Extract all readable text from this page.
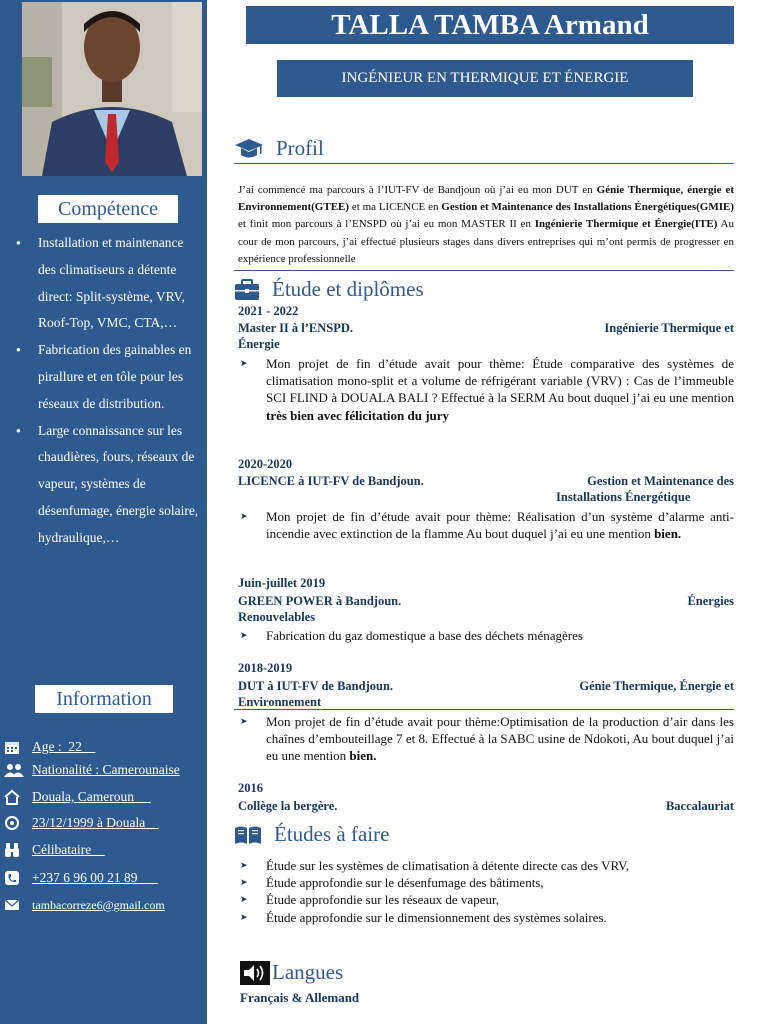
Compétence
● Installation et maintenance des climatiseurs a détente direct: Split-système, VRV, Roof-Top, VMC, CTA,…
● Fabrication des gainables en pirallure et en tôle pour les réseaux de distribution.
● Large connaissance sur les chaudières, fours, réseaux de vapeur, systèmes de désenfumage, énergie solaire, hydraulique,…
Information
Age :  22
Nationalité : Camerounaise
Douala, Cameroun
23/12/1999 à Douala
Célibataire
+237 6 96 00 21 89
tambacorreze6@gmail.com
TALLA TAMBA Armand
INGÉNIEUR EN THERMIQUE ET ÉNERGIE
Profil
J’ai commencé ma parcours à l’IUT-FV de Bandjoun où j’ai eu mon DUT en Génie Thermique, énergie et Environnement(GTEE) et ma LICENCE en Gestion et Maintenance des Installations Énergétiques(GMIE) et finit mon parcours à l’ENSPD où j’ai eu mon MASTER II en Ingénierie Thermique et Énergie(ITE) Au cour de mon parcours, j’ai effectué plusieurs stages dans divers entreprises qui m’ont permis de progresser en expérience professionnelle
Étude et diplômes
2021 - 2022
Master II à l’ENSPD.	Ingénierie Thermique et
Énergie
➤ Mon projet de fin d’étude avait pour thème: Étude comparative des systèmes de climatisation mono-split et a volume de réfrigérant variable (VRV) : Cas de l’immeuble SCI FLIND à DOUALA BALI ? Effectué à la SERM Au bout duquel j’ai eu une mention très bien avec félicitation du jury
2020-2020
LICENCE à IUT-FV de Bandjoun.	Gestion et Maintenance des
Installations Énergétique
➤ Mon projet de fin d’étude avait pour thème: Réalisation d’un système d’alarme anti-incendie avec extinction de la flamme Au bout duquel j’ai eu une mention bien.
Juin-juillet 2019
GREEN POWER à Bandjoun.	Énergies
Renouvelables
➤ Fabrication du gaz domestique a base des déchets ménagères
2018-2019
DUT à IUT-FV de Bandjoun.	Génie Thermique, Énergie et
Environnement
➤ Mon projet de fin d’étude avait pour thème:Optimisation de la production d’air dans les chaînes d’embouteillage 7 et 8. Effectué à la SABC usine de Ndokoti, Au bout duquel j’ai eu une mention bien.
2016
Collège la bergère.	Baccalauriat
Études à faire
➤ Étude sur les systèmes de climatisation à détente directe cas des VRV,
➤ Étude approfondie sur le désenfumage des bâtiments,
➤ Étude approfondie sur les réseaux de vapeur,
➤ Étude approfondie sur le dimensionnement des systèmes solaires.
Langues
Français & Allemand
